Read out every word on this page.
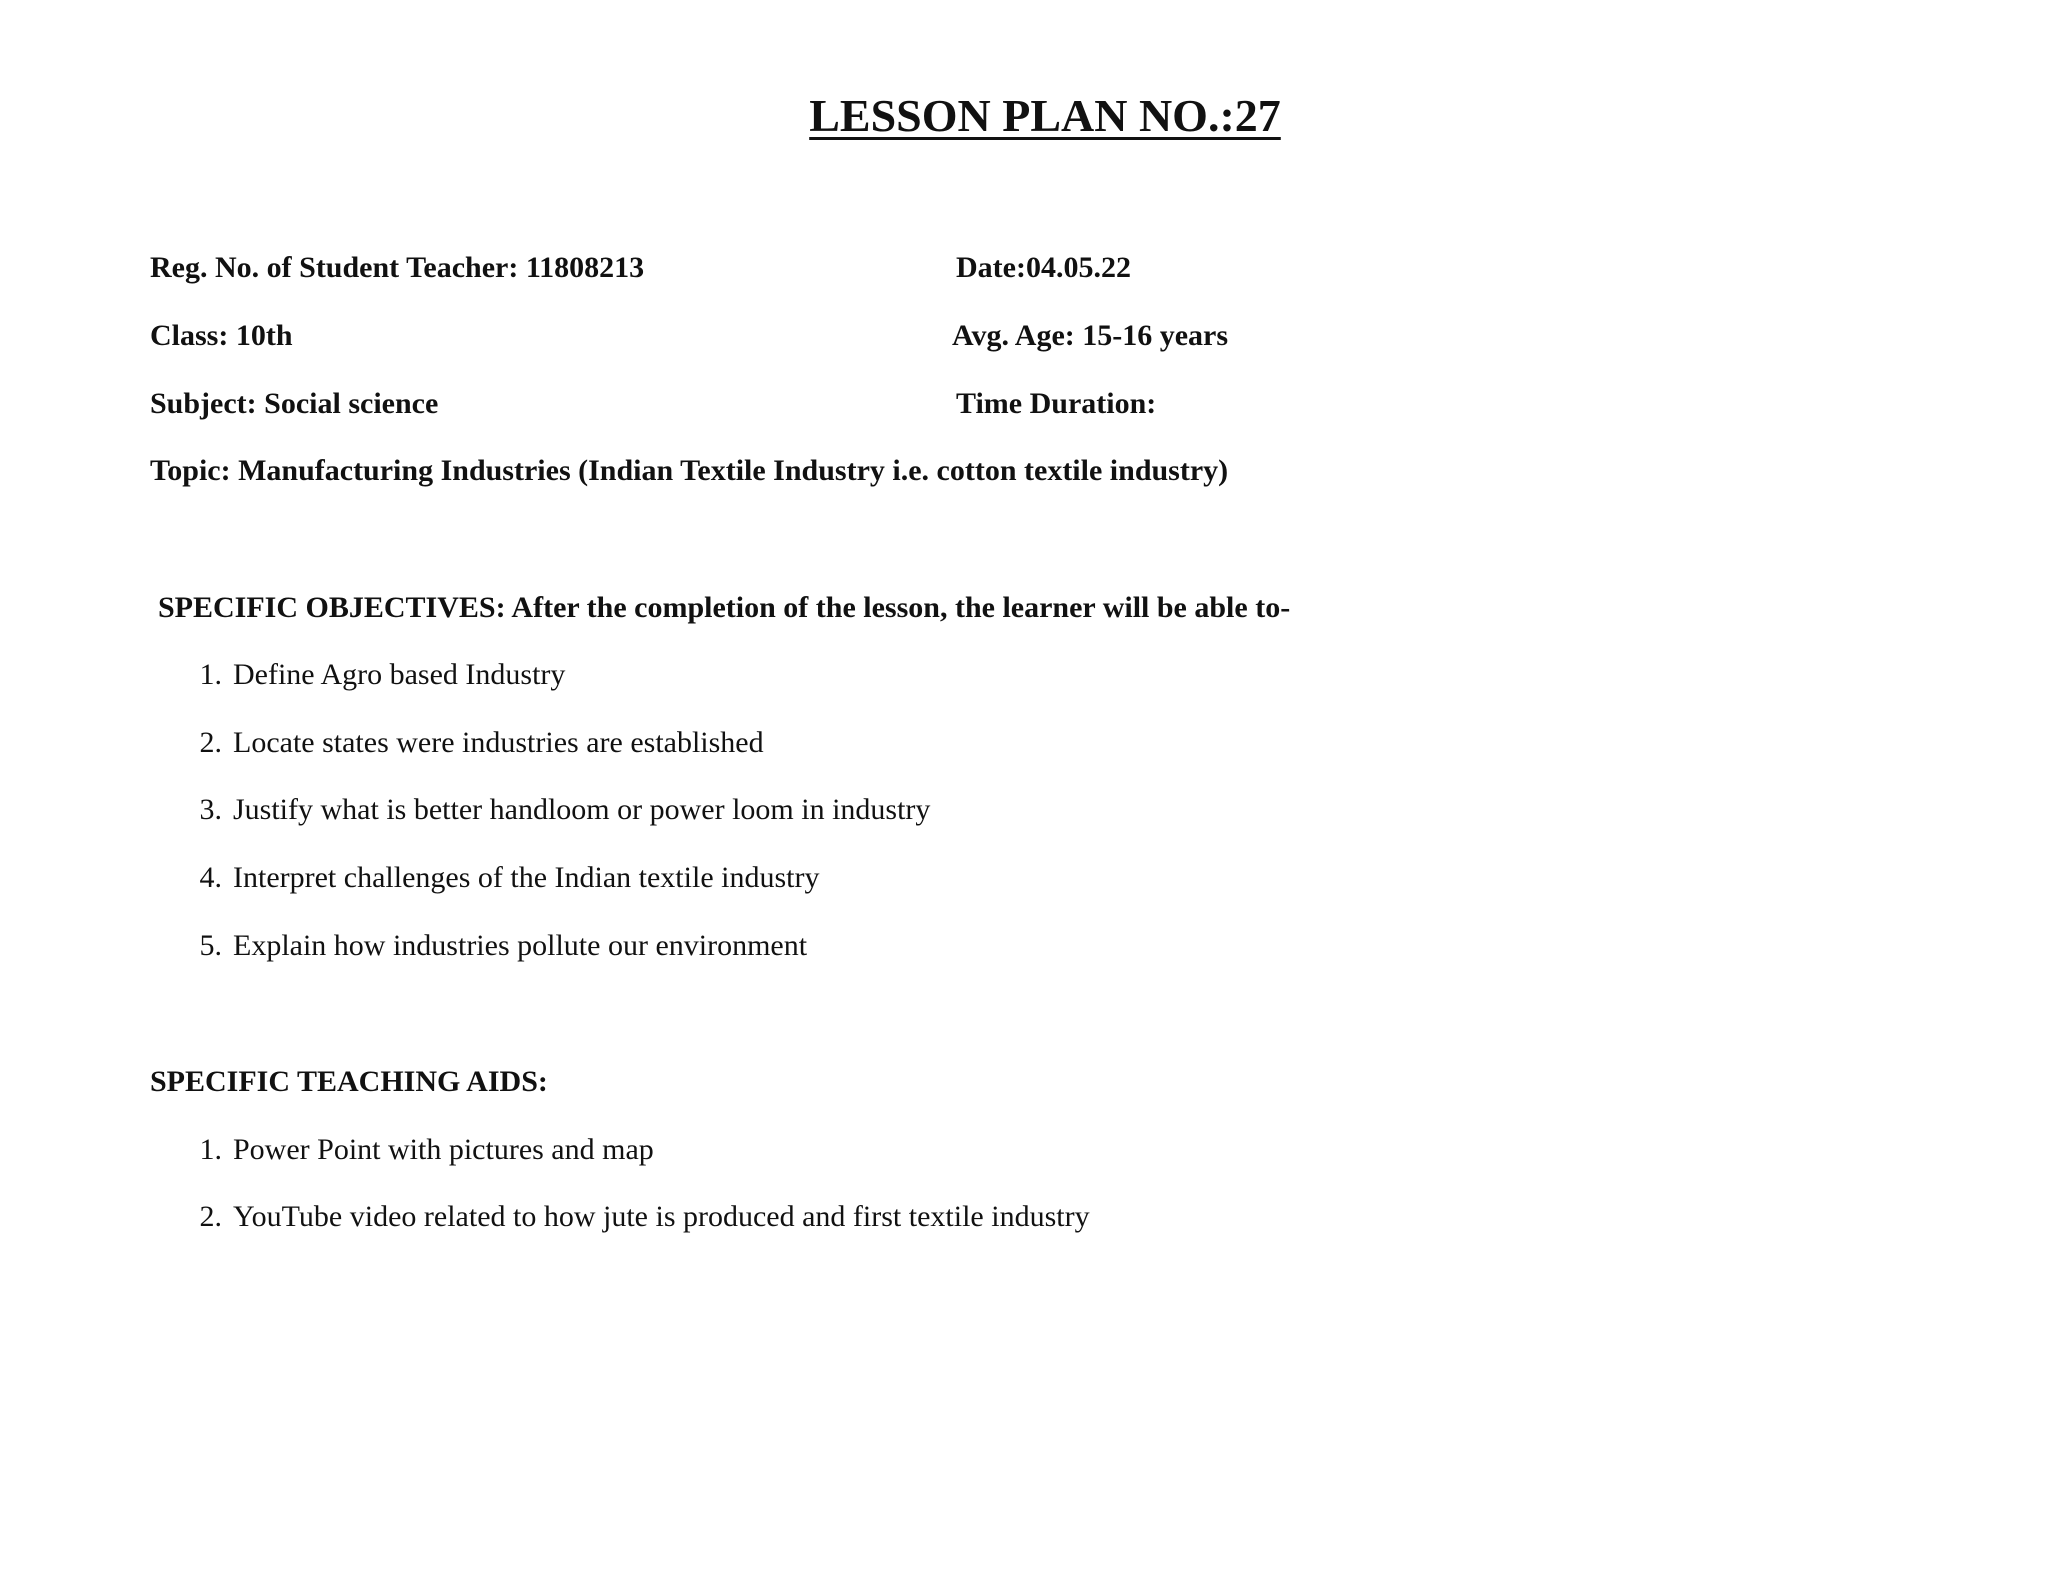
LESSON PLAN NO.:27
Reg. No. of Student Teacher: 11808213	Date:04.05.22
Class: 10th	Avg. Age: 15-16 years
Subject: Social science	Time Duration:
Topic: Manufacturing Industries (Indian Textile Industry i.e. cotton textile industry)
SPECIFIC OBJECTIVES: After the completion of the lesson, the learner will be able to-
1. Define Agro based Industry
2. Locate states were industries are established
3. Justify what is better handloom or power loom in industry
4. Interpret challenges of the Indian textile industry
5. Explain how industries pollute our environment
SPECIFIC TEACHING AIDS:
1. Power Point with pictures and map
2. YouTube video related to how jute is produced and first textile industry
